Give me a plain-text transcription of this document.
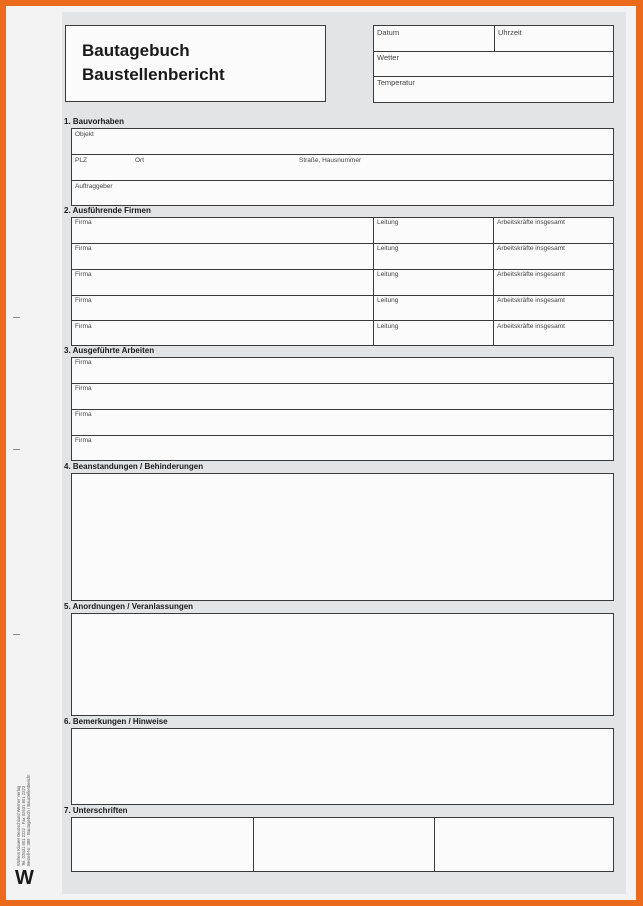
Wolters Kluwer Deutschland Werner Verlag Tel. 02631 801 2222 · Fax 02631 801 2223 Bestell-Nr. 389 · Bautagebuch / Baustellenbericht
W
Bautagebuch
Baustellenbericht
Datum	Uhrzeit
Wetter
Temperatur
1. Bauvorhaben
Objekt
PLZ	Ort	Straße, Hausnummer
Auftraggeber
2. Ausführende Firmen
Firma	Leitung	Arbeitskräfte insgesamt
Firma	Leitung	Arbeitskräfte insgesamt
Firma	Leitung	Arbeitskräfte insgesamt
Firma	Leitung	Arbeitskräfte insgesamt
Firma	Leitung	Arbeitskräfte insgesamt
3. Ausgeführte Arbeiten
Firma
Firma
Firma
Firma
4. Beanstandungen / Behinderungen
5. Anordnungen / Veranlassungen
6. Bemerkungen / Hinweise
7. Unterschriften
